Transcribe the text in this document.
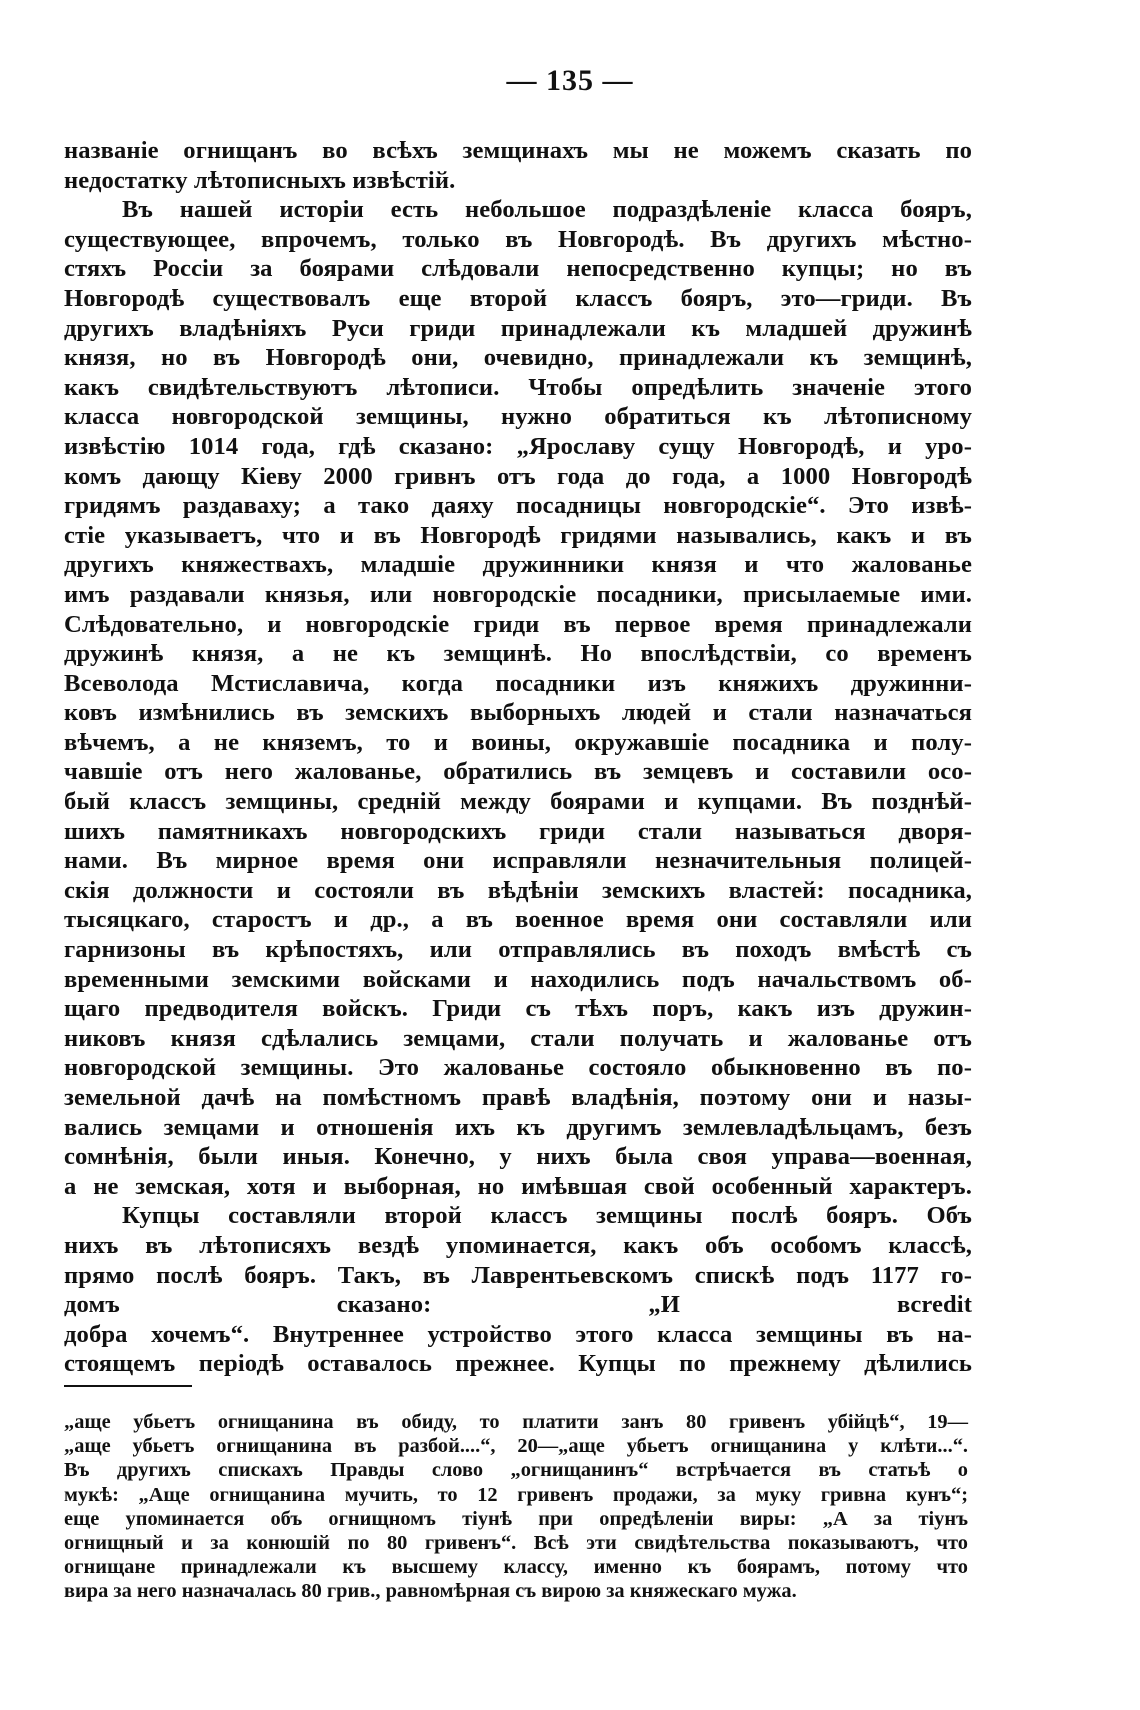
— 135 —
названіе огнищанъ во всѣхъ земщинахъ мы не можемъ сказать по
недостатку лѣтописныхъ извѣстій.
Въ нашей исторіи есть небольшое подраздѣленіе класса бояръ,
существующее, впрочемъ, только въ Новгородѣ. Въ другихъ мѣстно-
стяхъ Россіи за боярами слѣдовали непосредственно купцы; но въ
Новгородѣ существовалъ еще второй классъ бояръ, это—гриди. Въ
другихъ владѣніяхъ Руси гриди принадлежали къ младшей дружинѣ
князя, но въ Новгородѣ они, очевидно, принадлежали къ земщинѣ,
какъ свидѣтельствуютъ лѣтописи. Чтобы опредѣлить значеніе этого
класса новгородской земщины, нужно обратиться къ лѣтописному
извѣстію 1014 года, гдѣ сказано: „Ярославу сущу Новгородѣ, и уро-
комъ дающу Кіеву 2000 гривнъ отъ года до года, а 1000 Новгородѣ
гридямъ раздаваху; а тако даяху посадницы новгородскіе“. Это извѣ-
стіе указываетъ, что и въ Новгородѣ гридями назывались, какъ и въ
другихъ княжествахъ, младшіе дружинники князя и что жалованье
имъ раздавали князья, или новгородскіе посадники, присылаемые ими.
Слѣдовательно, и новгородскіе гриди въ первое время принадлежали
дружинѣ князя, а не къ земщинѣ. Но впослѣдствіи, со временъ
Всеволода Мстиславича, когда посадники изъ княжихъ дружинни-
ковъ измѣнились въ земскихъ выборныхъ людей и стали назначаться
вѣчемъ, а не княземъ, то и воины, окружавшіе посадника и полу-
чавшіе отъ него жалованье, обратились въ земцевъ и составили осо-
бый классъ земщины, средній между боярами и купцами. Въ позднѣй-
шихъ памятникахъ новгородскихъ гриди стали называться дворя-
нами. Въ мирное время они исправляли незначительныя полицей-
скія должности и состояли въ вѣдѣніи земскихъ властей: посадника,
тысяцкаго, старостъ и др., а въ военное время они составляли или
гарнизоны въ крѣпостяхъ, или отправлялись въ походъ вмѣстѣ съ
временными земскими войсками и находились подъ начальствомъ об-
щаго предводителя войскъ. Гриди съ тѣхъ поръ, какъ изъ дружин-
никовъ князя сдѣлались земцами, стали получать и жалованье отъ
новгородской земщины. Это жалованье состояло обыкновенно въ по-
земельной дачѣ на помѣстномъ правѣ владѣнія, поэтому они и назы-
вались земцами и отношенія ихъ къ другимъ землевладѣльцамъ, безъ
сомнѣнія, были иныя. Конечно, у нихъ была своя управа—военная,
а не земская, хотя и выборная, но имѣвшая свой особенный характеръ.
Купцы составляли второй классъ земщины послѣ бояръ. Объ
нихъ въ лѣтописяхъ вездѣ упоминается, какъ объ особомъ классѣ,
прямо послѣ бояръ. Такъ, въ Лаврентьевскомъ спискѣ подъ 1177 го-
домъ сказано: „И вcredit
добра хочемъ“. Внутреннее устройство этого класса земщины въ на-
стоящемъ періодѣ оставалось прежнее. Купцы по прежнему дѣлились
„аще убьетъ огнищанина въ обиду, то платити занъ 80 гривенъ убійцѣ“, 19—
„аще убьетъ огнищанина въ разбой....“, 20—„аще убьетъ огнищанина у клѣти...“.
Въ другихъ спискахъ Правды слово „огнищанинъ“ встрѣчается въ статьѣ о
мукѣ: „Аще огнищанина мучить, то 12 гривенъ продажи, за муку гривна кунъ“;
еще упоминается объ огнищномъ тіунѣ при опредѣленіи виры: „А за тіунъ
огнищный и за конюшій по 80 гривенъ“. Всѣ эти свидѣтельства показываютъ, что
огнищане принадлежали къ высшему классу, именно къ боярамъ, потому что
вира за него назначалась 80 грив., равномѣрная съ вирою за княжескаго мужа.
